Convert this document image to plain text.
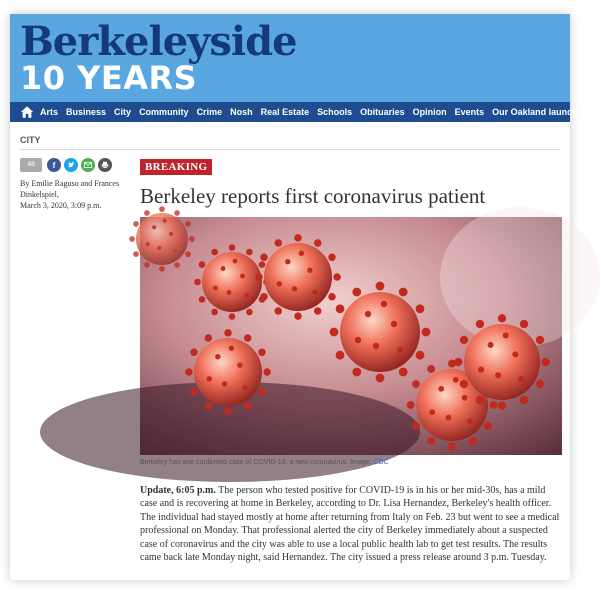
Berkeleyside
10 YEARS
Arts Business City Community Crime Nosh Real Estate Schools Obituaries Opinion Events Our Oakland launch Si
CITY
48	f
By Emilie Raguso and Frances Dinkelspiel,
March 3, 2020, 3:09 p.m.
BREAKING
Berkeley reports first coronavirus patient
Berkeley has one confirmed case of COVID-19, a new coronavirus. Image: CDC

Update, 6:05 p.m. The person who tested positive for COVID-19 is in his or her mid-30s, has a mild case and is recovering at home in Berkeley, according to Dr. Lisa Hernandez, Berkeley's health officer. The individual had stayed mostly at home after returning from Italy on Feb. 23 but went to see a medical professional on Monday. That professional alerted the city of Berkeley immediately about a suspected case of coronavirus and the city was able to use a local public health lab to get test results. The results came back late Monday night, said Hernandez. The city issued a press release around 3 p.m. Tuesday.
